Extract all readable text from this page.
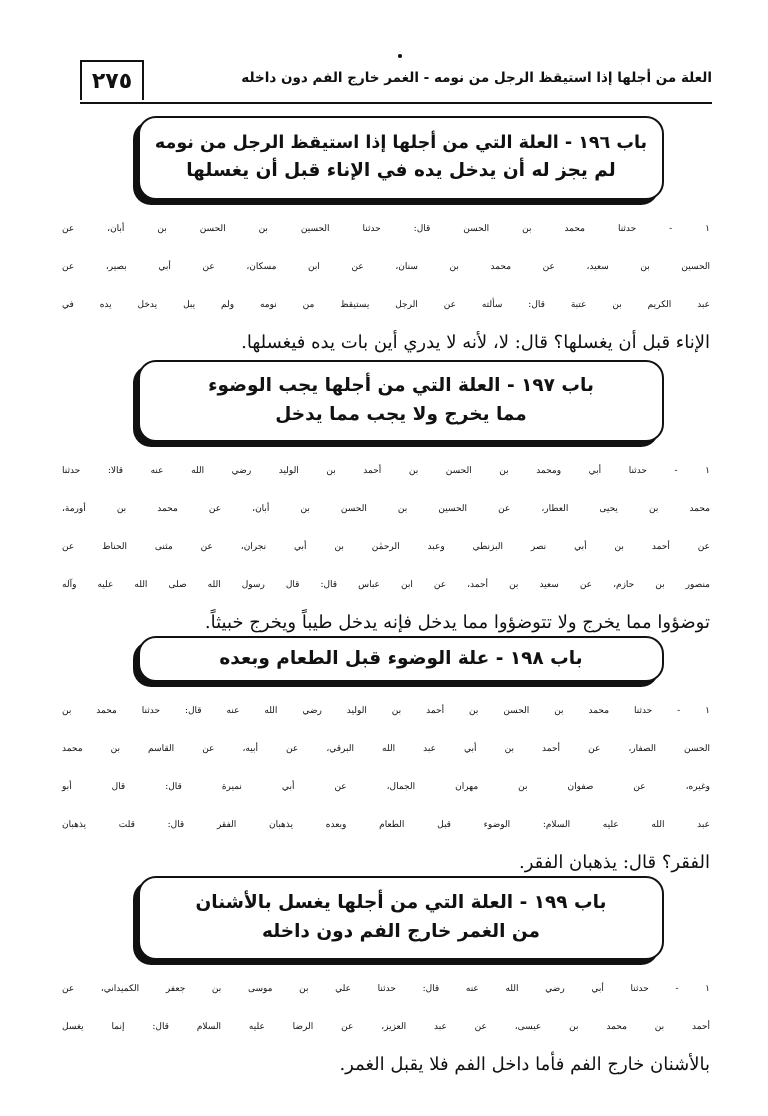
٢٧٥	العلة من أجلها إذا استيقظ الرجل من نومه - الغمر خارج الفم دون داخله
باب ١٩٦ - العلة التي من أجلها إذا استيقظ الرجل من نومه
لم يجز له أن يدخل يده في الإناء قبل أن يغسلها
١ - حدثنا محمد بن الحسن قال: حدثنا الحسين بن الحسن بن أبان، عن
الحسين بن سعيد، عن محمد بن سنان، عن ابن مسكان، عن أبي بصير، عن
عبد الكريم بن عتبة قال: سألته عن الرجل يستيقظ من نومه ولم يبل يدخل يده في
الإناء قبل أن يغسلها؟ قال: لا، لأنه لا يدري أين بات يده فيغسلها.
باب ١٩٧ - العلة التي من أجلها يجب الوضوء
مما يخرج ولا يجب مما يدخل
١ - حدثنا أبي ومحمد بن الحسن بن أحمد بن الوليد رضي الله عنه قالا: حدثنا
محمد بن يحيى العطار، عن الحسين بن الحسن بن أبان، عن محمد بن أورمة،
عن أحمد بن أبي نصر البزنطي وعبد الرحمٰن بن أبي نجران، عن مثنى الحناط عن
منصور بن حازم، عن سعيد بن أحمد، عن ابن عباس قال: قال رسول الله صلى الله عليه وآله
توضؤوا مما يخرج ولا تتوضؤوا مما يدخل فإنه يدخل طيباً ويخرج خبيثاً.
باب ١٩٨ - علة الوضوء قبل الطعام وبعده
١ - حدثنا محمد بن الحسن بن أحمد بن الوليد رضي الله عنه قال: حدثنا محمد بن
الحسن الصفار، عن أحمد بن أبي عبد الله البرقي، عن أبيه، عن القاسم بن محمد
وغيره، عن صفوان بن مهران الجمال، عن أبي نميرة قال: قال أبو
عبد الله عليه السلام: الوضوء قبل الطعام وبعده يذهبان الفقر قال: قلت يذهبان
الفقر؟ قال: يذهبان الفقر.
باب ١٩٩ - العلة التي من أجلها يغسل بالأشنان
من الغمر خارج الفم دون داخله
١ - حدثنا أبي رضي الله عنه قال: حدثنا علي بن موسى بن جعفر الكميداني، عن
أحمد بن محمد بن عيسى، عن عبد العزيز، عن الرضا عليه السلام قال: إنما يغسل
بالأشنان خارج الفم فأما داخل الفم فلا يقبل الغمر.
